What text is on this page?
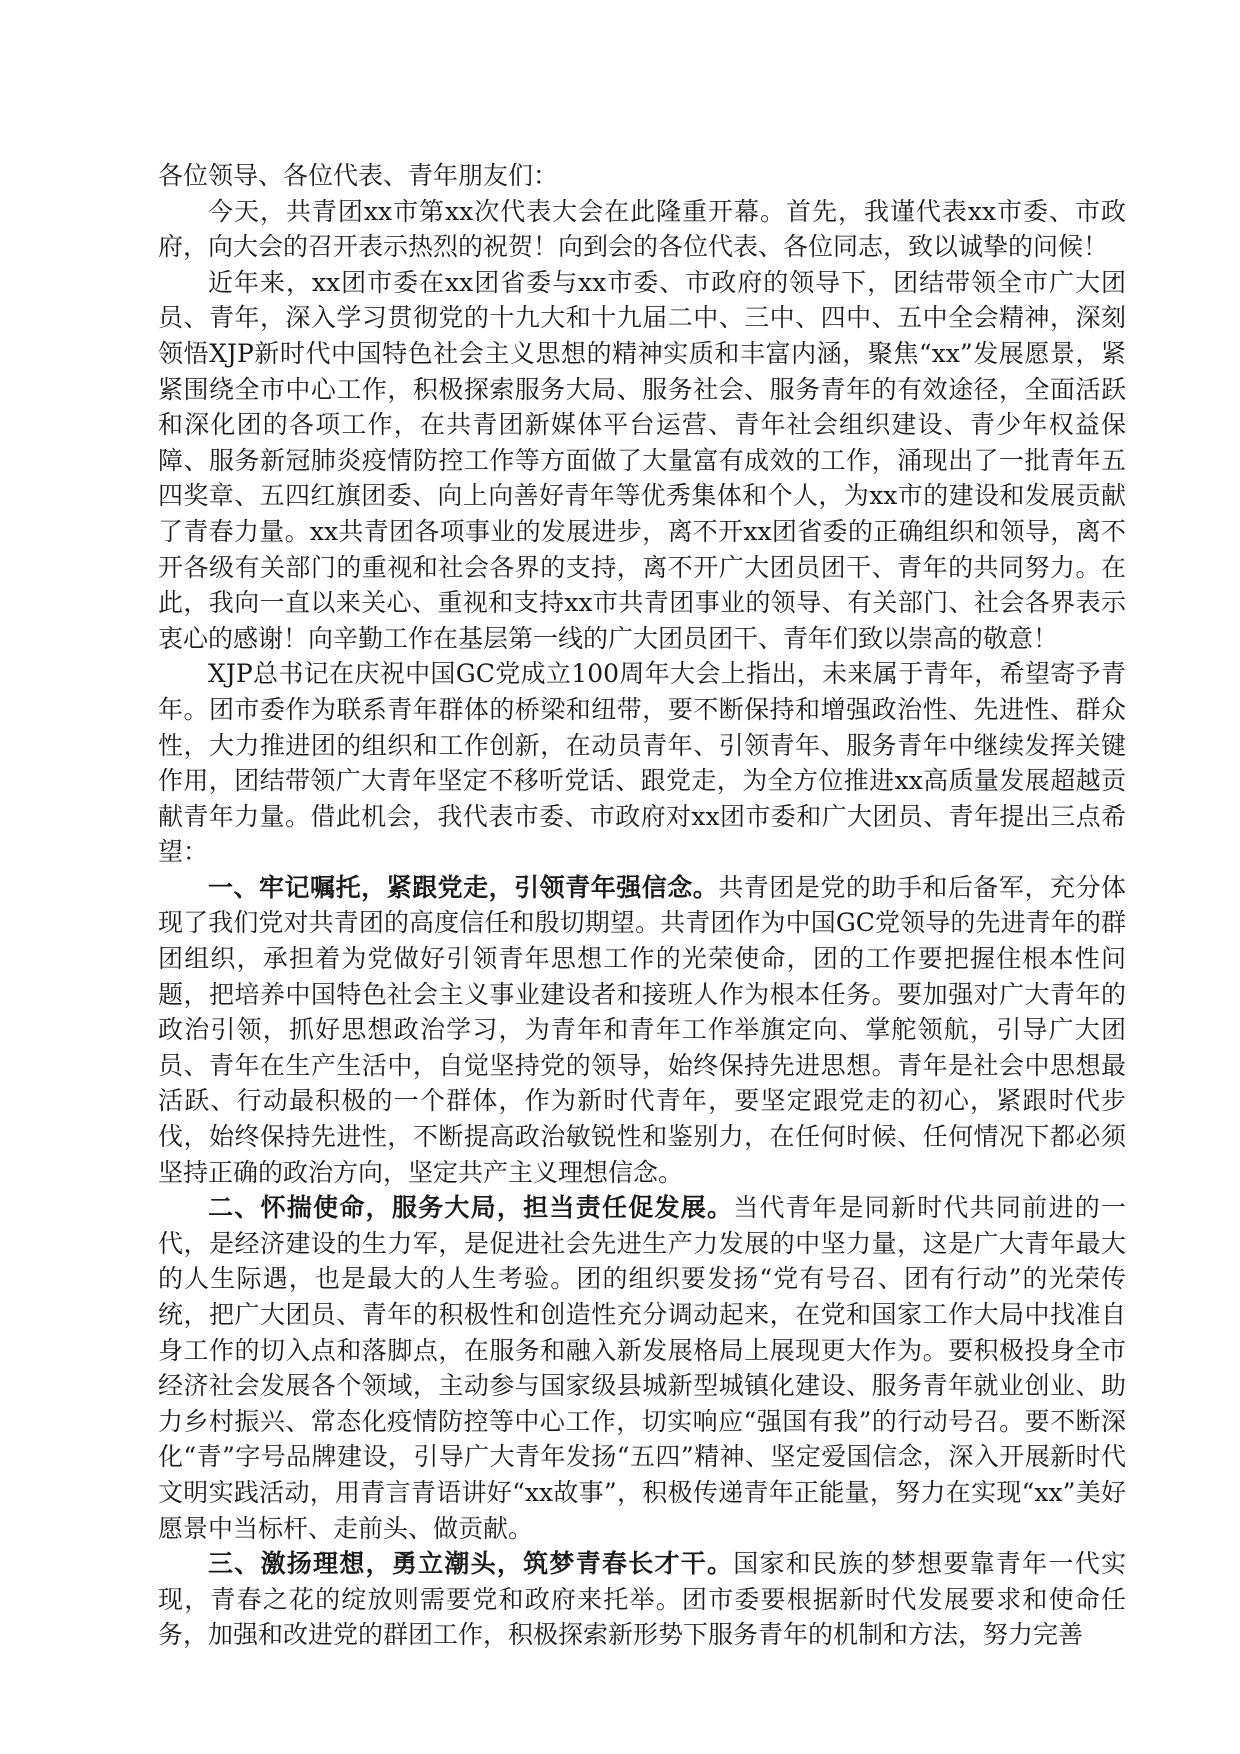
各位领导、各位代表、青年朋友们：

今天，共青团xx市第xx次代表大会在此隆重开幕。首先，我谨代表xx市委、市政府，向大会的召开表示热烈的祝贺！向到会的各位代表、各位同志，致以诚挚的问候！

近年来，xx团市委在xx团省委与xx市委、市政府的领导下，团结带领全市广大团员、青年，深入学习贯彻党的十九大和十九届二中、三中、四中、五中全会精神，深刻领悟XJP新时代中国特色社会主义思想的精神实质和丰富内涵，聚焦“xx”发展愿景，紧紧围绕全市中心工作，积极探索服务大局、服务社会、服务青年的有效途径，全面活跃和深化团的各项工作，在共青团新媒体平台运营、青年社会组织建设、青少年权益保障、服务新冠肺炎疫情防控工作等方面做了大量富有成效的工作，涌现出了一批青年五四奖章、五四红旗团委、向上向善好青年等优秀集体和个人，为xx市的建设和发展贡献了青春力量。xx共青团各项事业的发展进步，离不开xx团省委的正确组织和领导，离不开各级有关部门的重视和社会各界的支持，离不开广大团员团干、青年的共同努力。在此，我向一直以来关心、重视和支持xx市共青团事业的领导、有关部门、社会各界表示衷心的感谢！向辛勤工作在基层第一线的广大团员团干、青年们致以崇高的敬意！

XJP总书记在庆祝中国GC党成立100周年大会上指出，未来属于青年，希望寄予青年。团市委作为联系青年群体的桥梁和纽带，要不断保持和增强政治性、先进性、群众性，大力推进团的组织和工作创新，在动员青年、引领青年、服务青年中继续发挥关键作用，团结带领广大青年坚定不移听党话、跟党走，为全方位推进xx高质量发展超越贡献青年力量。借此机会，我代表市委、市政府对xx团市委和广大团员、青年提出三点希望：

一、牢记嘱托，紧跟党走，引领青年强信念。共青团是党的助手和后备军，充分体现了我们党对共青团的高度信任和殷切期望。共青团作为中国GC党领导的先进青年的群团组织，承担着为党做好引领青年思想工作的光荣使命，团的工作要把握住根本性问题，把培养中国特色社会主义事业建设者和接班人作为根本任务。要加强对广大青年的政治引领，抓好思想政治学习，为青年和青年工作举旗定向、掌舵领航，引导广大团员、青年在生产生活中，自觉坚持党的领导，始终保持先进思想。青年是社会中思想最活跃、行动最积极的一个群体，作为新时代青年，要坚定跟党走的初心，紧跟时代步伐，始终保持先进性，不断提高政治敏锐性和鉴别力，在任何时候、任何情况下都必须坚持正确的政治方向，坚定共产主义理想信念。

二、怀揣使命，服务大局，担当责任促发展。当代青年是同新时代共同前进的一代，是经济建设的生力军，是促进社会先进生产力发展的中坚力量，这是广大青年最大的人生际遇，也是最大的人生考验。团的组织要发扬“党有号召、团有行动”的光荣传统，把广大团员、青年的积极性和创造性充分调动起来，在党和国家工作大局中找准自身工作的切入点和落脚点，在服务和融入新发展格局上展现更大作为。要积极投身全市经济社会发展各个领域，主动参与国家级县城新型城镇化建设、服务青年就业创业、助力乡村振兴、常态化疫情防控等中心工作，切实响应“强国有我”的行动号召。要不断深化“青”字号品牌建设，引导广大青年发扬“五四”精神、坚定爱国信念，深入开展新时代文明实践活动，用青言青语讲好“xx故事”，积极传递青年正能量，努力在实现“xx”美好愿景中当标杆、走前头、做贡献。

三、激扬理想，勇立潮头，筑梦青春长才干。国家和民族的梦想要靠青年一代实现，青春之花的绽放则需要党和政府来托举。团市委要根据新时代发展要求和使命任务，加强和改进党的群团工作，积极探索新形势下服务青年的机制和方法，努力完善
